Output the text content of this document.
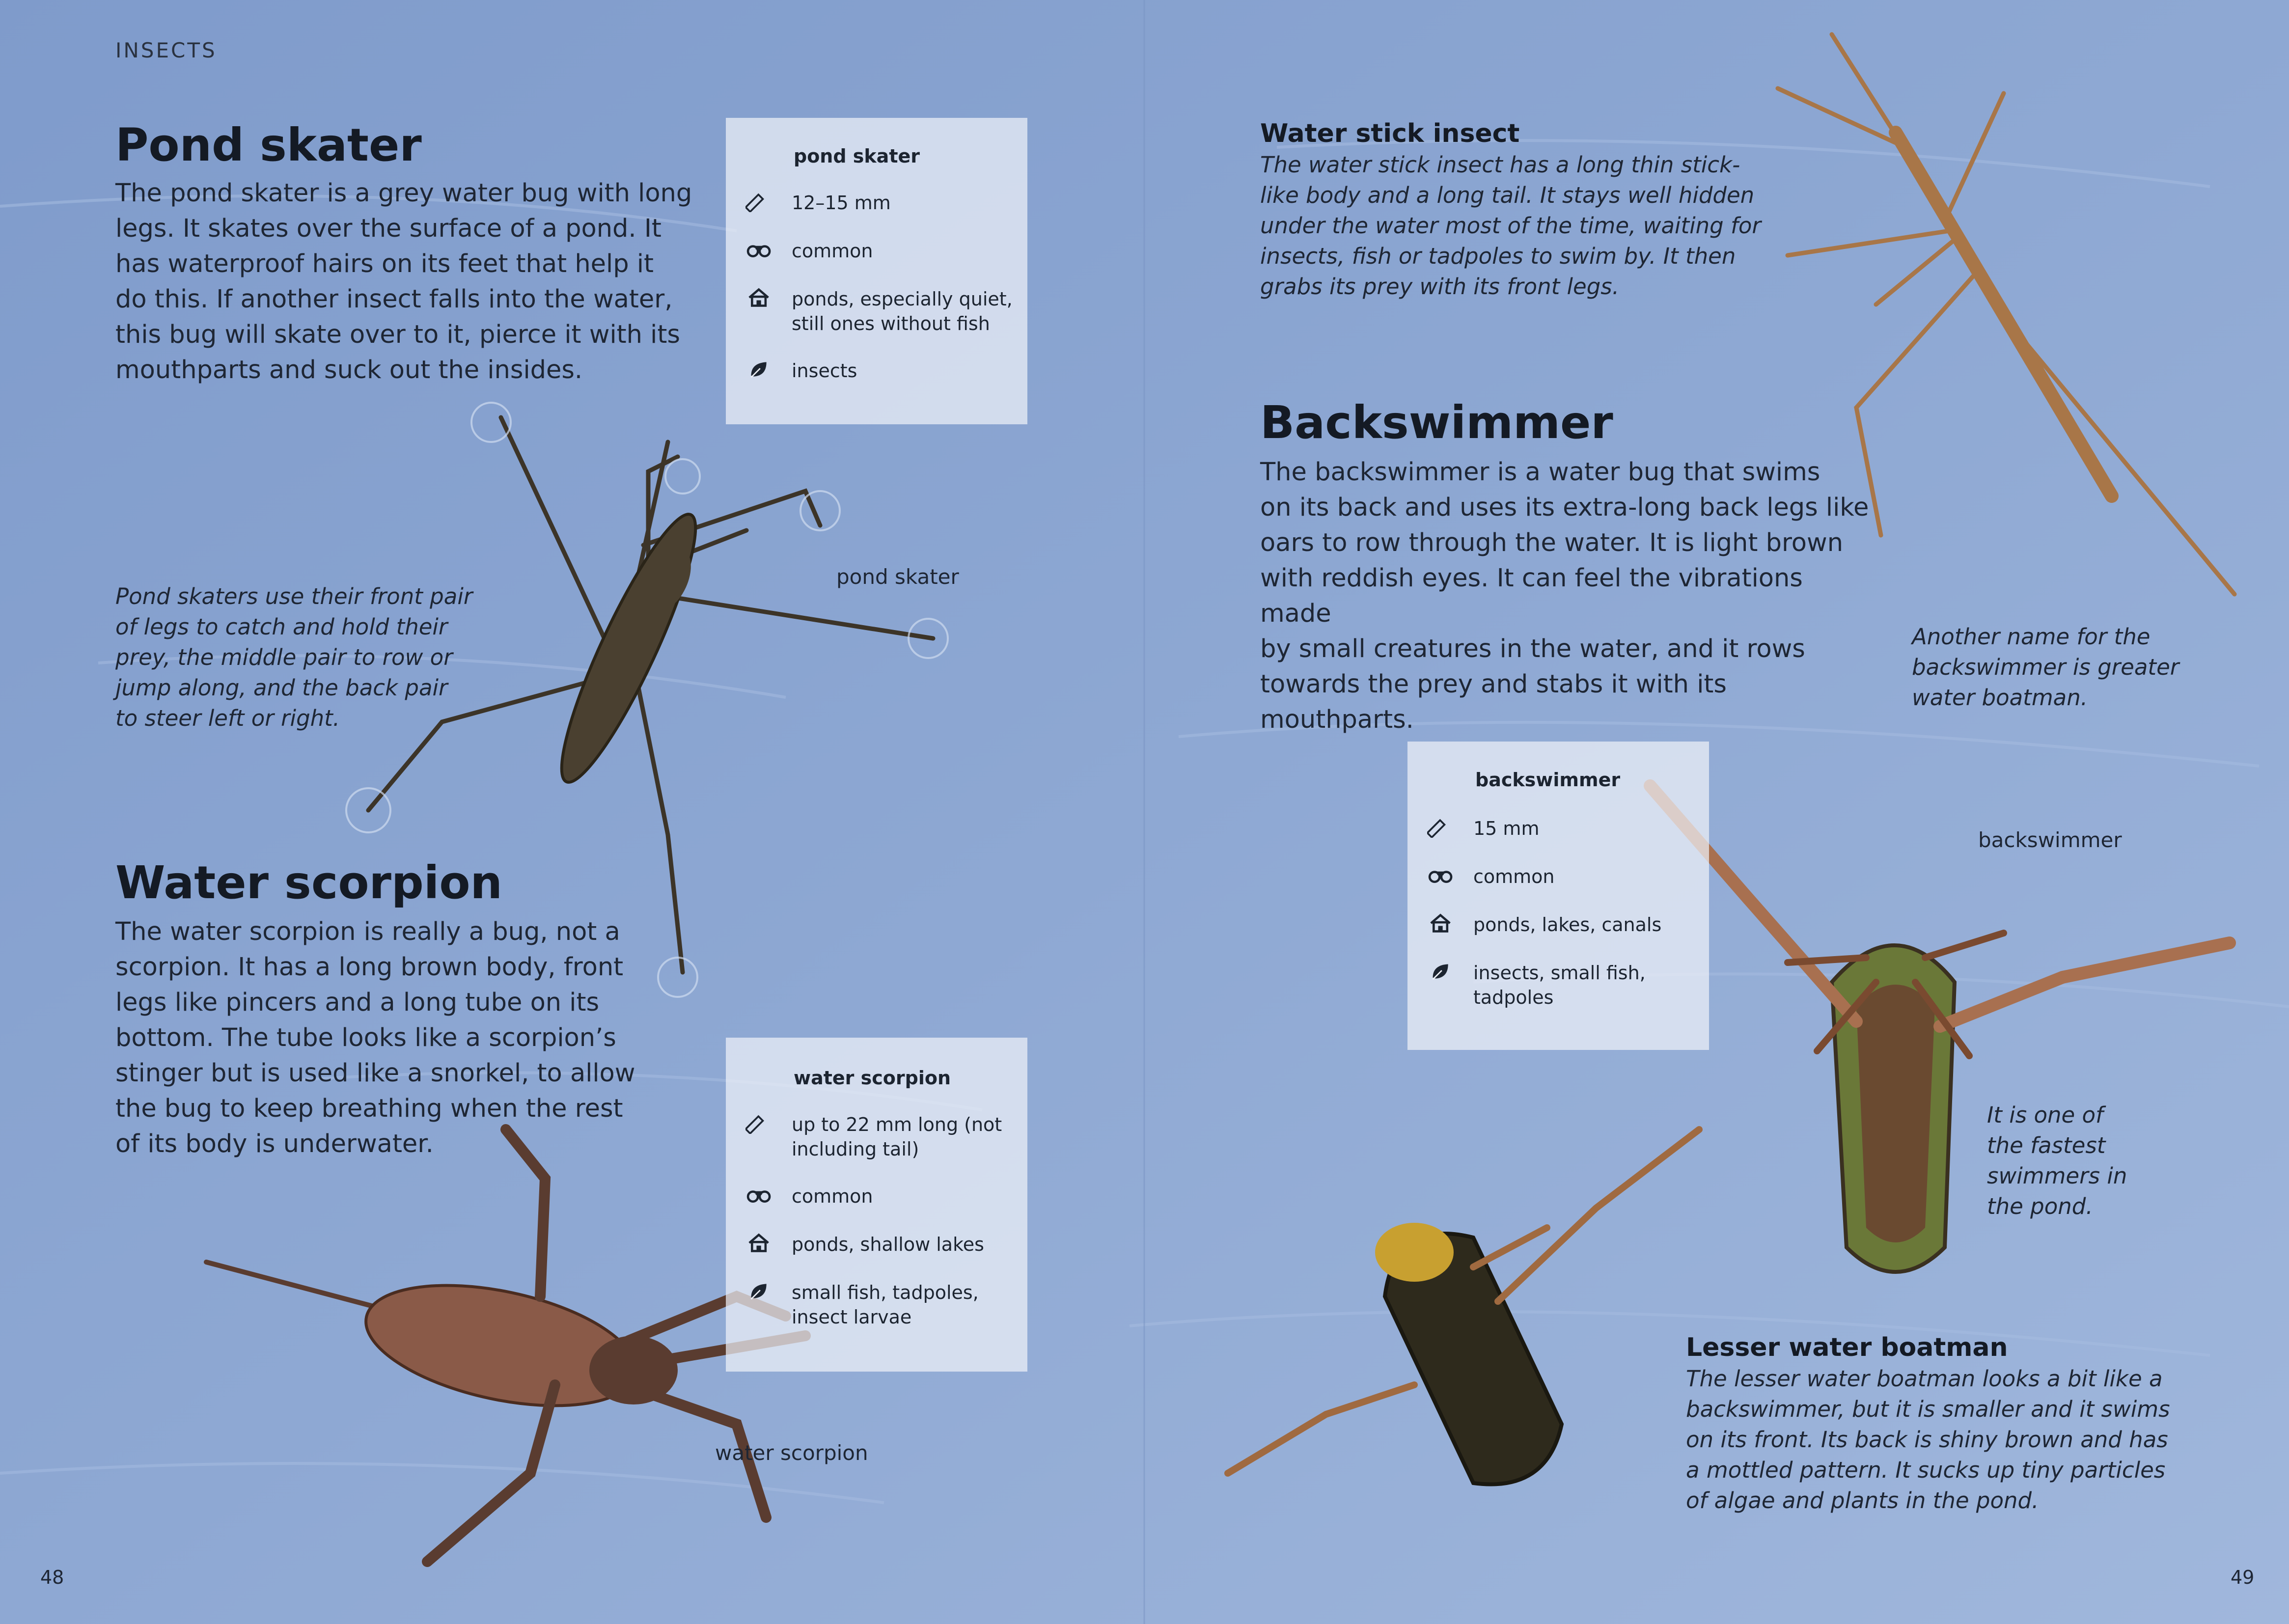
INSECTS
Pond skater
The pond skater is a grey water bug with long
legs. It skates over the surface of a pond. It
has waterproof hairs on its feet that help it
do this. If another insect falls into the water,
this bug will skate over to it, pierce it with its
mouthparts and suck out the insides.
Pond skaters use their front pair
of legs to catch and hold their
prey, the middle pair to row or
jump along, and the back pair
to steer left or right.
pond skater
pond skater
12–15 mm
common
ponds, especially quiet,
still ones without fish
insects
Water scorpion
The water scorpion is really a bug, not a
scorpion. It has a long brown body, front
legs like pincers and a long tube on its
bottom. The tube looks like a scorpion’s
stinger but is used like a snorkel, to allow
the bug to keep breathing when the rest
of its body is underwater.
water scorpion
water scorpion
up to 22 mm long (not
including tail)
common
ponds, shallow lakes
small fish, tadpoles,
insect larvae
Water stick insect
The water stick insect has a long thin stick-
like body and a long tail. It stays well hidden
under the water most of the time, waiting for
insects, fish or tadpoles to swim by. It then
grabs its prey with its front legs.
Backswimmer
The backswimmer is a water bug that swims
on its back and uses its extra-long back legs like
oars to row through the water. It is light brown
with reddish eyes. It can feel the vibrations made
by small creatures in the water, and it rows
towards the prey and stabs it with its mouthparts.
Another name for the
backswimmer is greater
water boatman.
It is one of
the fastest
swimmers in
the pond.
backswimmer
backswimmer
15 mm
common
ponds, lakes, canals
insects, small fish,
tadpoles
Lesser water boatman
The lesser water boatman looks a bit like a
backswimmer, but it is smaller and it swims
on its front. Its back is shiny brown and has
a mottled pattern. It sucks up tiny particles
of algae and plants in the pond.
48	49
